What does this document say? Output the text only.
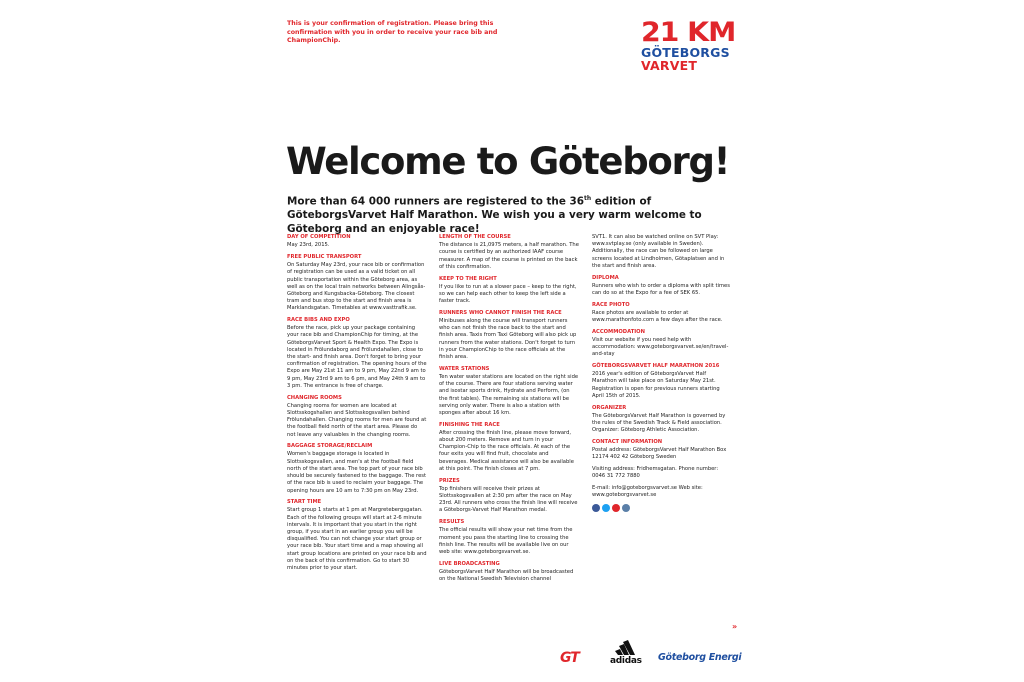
This is your confirmation of registration. Please bring this confirmation with you in order to receive your race bib and ChampionChip.	21 KM
GÖTEBORGS
VARVET
Welcome to Göteborg!

More than 64 000 runners are registered to the 36th edition of GöteborgsVarvet Half Marathon. We wish you a very warm welcome to Göteborg and an enjoyable race!

DAY OF COMPETITION
May 23rd, 2015.
FREE PUBLIC TRANSPORT
On Saturday May 23rd, your race bib or confirmation of registration can be used as a valid ticket on all public transportation within the Göteborg area, as well as on the local train networks between Alingsås-Göteborg and Kungsbacka-Göteborg. The closest tram and bus stop to the start and finish area is Marklandsgatan. Timetables at www.vasttrafik.se.
RACE BIBS AND EXPO
Before the race, pick up your package containing your race bib and ChampionChip for timing, at the GöteborgsVarvet Sport & Health Expo. The Expo is located in Frölundaborg and Frölundahallen, close to the start- and finish area. Don't forget to bring your confirmation of registration. The opening hours of the Expo are May 21st 11 am to 9 pm, May 22nd 9 am to 9 pm, May 23rd 9 am to 6 pm, and May 24th 9 am to 3 pm. The entrance is free of charge.
CHANGING ROOMS
Changing rooms for women are located at Slottsskogshallen and Slottsskogsvallen behind Frölundahallen. Changing rooms for men are found at the football field north of the start area. Please do not leave any valuables in the changing rooms.
BAGGAGE STORAGE/RECLAIM
Women's baggage storage is located in Slottsskogsvallen, and men's at the football field north of the start area. The top part of your race bib should be securely fastened to the baggage. The rest of the race bib is used to reclaim your baggage. The opening hours are 10 am to 7:30 pm on May 23rd.
START TIME
Start group 1 starts at 1 pm at Margretebergsgatan. Each of the following groups will start at 2-6 minute intervals. It is important that you start in the right group, if you start in an earlier group you will be disqualified. You can not change your start group or your race bib. Your start time and a map showing all start group locations are printed on your race bib and on the back of this confirmation. Go to start 30 minutes prior to your start.
LENGTH OF THE COURSE
The distance is 21,0975 meters, a half marathon. The course is certified by an authorized IAAF course measurer. A map of the course is printed on the back of this confirmation.
KEEP TO THE RIGHT
If you like to run at a slower pace – keep to the right, so we can help each other to keep the left side a faster track.
RUNNERS WHO CANNOT FINISH THE RACE
Minibuses along the course will transport runners who can not finish the race back to the start and finish area. Taxis from Taxi Göteborg will also pick up runners from the water stations. Don't forget to turn in your ChampionChip to the race officials at the finish area.
WATER STATIONS
Ten water water stations are located on the right side of the course. There are four stations serving water and isostar sports drink, Hydrate and Perform, (on the first tables). The remaining six stations will be serving only water. There is also a station with sponges after about 16 km.
FINISHING THE RACE
After crossing the finish line, please move forward, about 200 meters. Remove and turn in your Champion-Chip to the race officials. At each of the four exits you will find fruit, chocolate and beverages. Medical assistance will also be available at this point. The finish closes at 7 pm.
PRIZES
Top finishers will receive their prizes at Slottsskogsvallen at 2:30 pm after the race on May 23rd. All runners who cross the finish line will receive a Göteborgs-Varvet Half Marathon medal.
RESULTS
The official results will show your net time from the moment you pass the starting line to crossing the finish line. The results will be available live on our web site: www.goteborgsvarvet.se.
LIVE BROADCASTING
GöteborgsVarvet Half Marathon will be broadcasted on the National Swedish Television channel
SVT1. It can also be watched online on SVT Play: www.svtplay.se (only available in Sweden). Additionally, the race can be followed on large screens located at Lindholmen, Götaplatsen and in the start and finish area.
DIPLOMA
Runners who wish to order a diploma with split times can do so at the Expo for a fee of SEK 65.
RACE PHOTO
Race photos are available to order at www.marathonfoto.com a few days after the race.
ACCOMMODATION
Visit our website if you need help with accommodation: www.goteborgsvarvet.se/en/travel-and-stay
GÖTEBORGSVARVET HALF MARATHON 2016
2016 year's edition of GöteborgsVarvet Half Marathon will take place on Saturday May 21st. Registration is open for previous runners starting April 15th of 2015.
ORGANIZER
The GöteborgsVarvet Half Marathon is governed by the rules of the Swedish Track & Field association. Organizer: Göteborg Athletic Association.
CONTACT INFORMATION
Postal address: GöteborgsVarvet Half Marathon Box 12174 402 42 Göteborg Sweden
Visiting address: Fridhemsgatan. Phone number: 0046 31 772 7880
E-mail: info@goteborgsvarvet.se Web site: www.goteborgsvarvet.se
»
GT	adidas Göteborg Energi
